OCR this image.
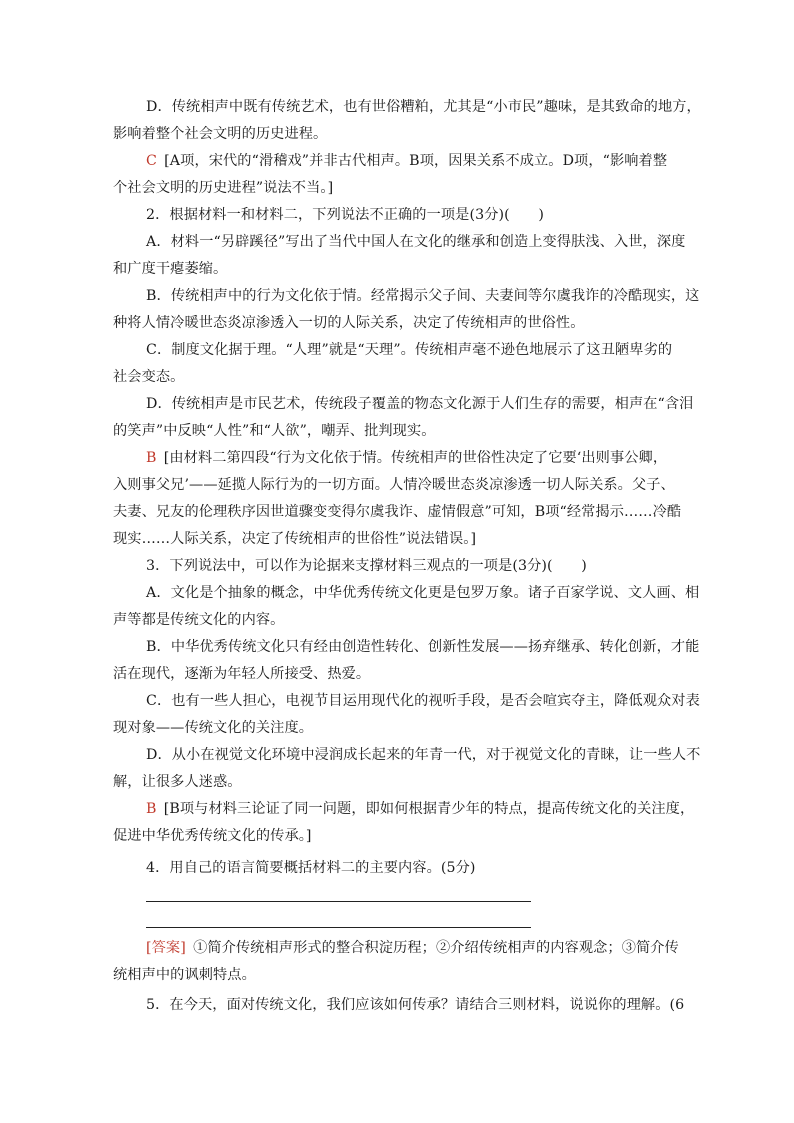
D．传统相声中既有传统艺术，也有世俗糟粕，尤其是“小市民”趣味，是其致命的地方，
影响着整个社会文明的历史进程。
C  [A项，宋代的“滑稽戏”并非古代相声。B项，因果关系不成立。D项，“影响着整
个社会文明的历史进程”说法不当。]
2．根据材料一和材料二，下列说法不正确的一项是(3分)(　　)
A．材料一“另辟蹊径”写出了当代中国人在文化的继承和创造上变得肤浅、入世，深度
和广度干瘪萎缩。
B．传统相声中的行为文化依于情。经常揭示父子间、夫妻间等尔虞我诈的冷酷现实，这
种将人情冷暖世态炎凉渗透入一切的人际关系，决定了传统相声的世俗性。
C．制度文化据于理。“人理”就是“天理”。传统相声毫不逊色地展示了这丑陋卑劣的
社会变态。
D．传统相声是市民艺术，传统段子覆盖的物态文化源于人们生存的需要，相声在“含泪
的笑声”中反映“人性”和“人欲”，嘲弄、批判现实。
B  [由材料二第四段“行为文化依于情。传统相声的世俗性决定了它要‘出则事公卿，
入则事父兄’——延揽人际行为的一切方面。人情冷暖世态炎凉渗透一切人际关系。父子、
夫妻、兄友的伦理秩序因世道骤变变得尔虞我诈、虚情假意”可知，B项“经常揭示……冷酷
现实……人际关系，决定了传统相声的世俗性”说法错误。]
3．下列说法中，可以作为论据来支撑材料三观点的一项是(3分)(　　)
A．文化是个抽象的概念，中华优秀传统文化更是包罗万象。诸子百家学说、文人画、相
声等都是传统文化的内容。
B．中华优秀传统文化只有经由创造性转化、创新性发展——扬弃继承、转化创新，才能
活在现代，逐渐为年轻人所接受、热爱。
C．也有一些人担心，电视节目运用现代化的视听手段，是否会喧宾夺主，降低观众对表
现对象——传统文化的关注度。
D．从小在视觉文化环境中浸润成长起来的年青一代，对于视觉文化的青睐，让一些人不
解，让很多人迷惑。
B  [B项与材料三论证了同一问题，即如何根据青少年的特点，提高传统文化的关注度，
促进中华优秀传统文化的传承。]
4．用自己的语言简要概括材料二的主要内容。(5分)
[答案]  ①简介传统相声形式的整合积淀历程；②介绍传统相声的内容观念；③简介传
统相声中的讽刺特点。
5．在今天，面对传统文化，我们应该如何传承？请结合三则材料，说说你的理解。(6
